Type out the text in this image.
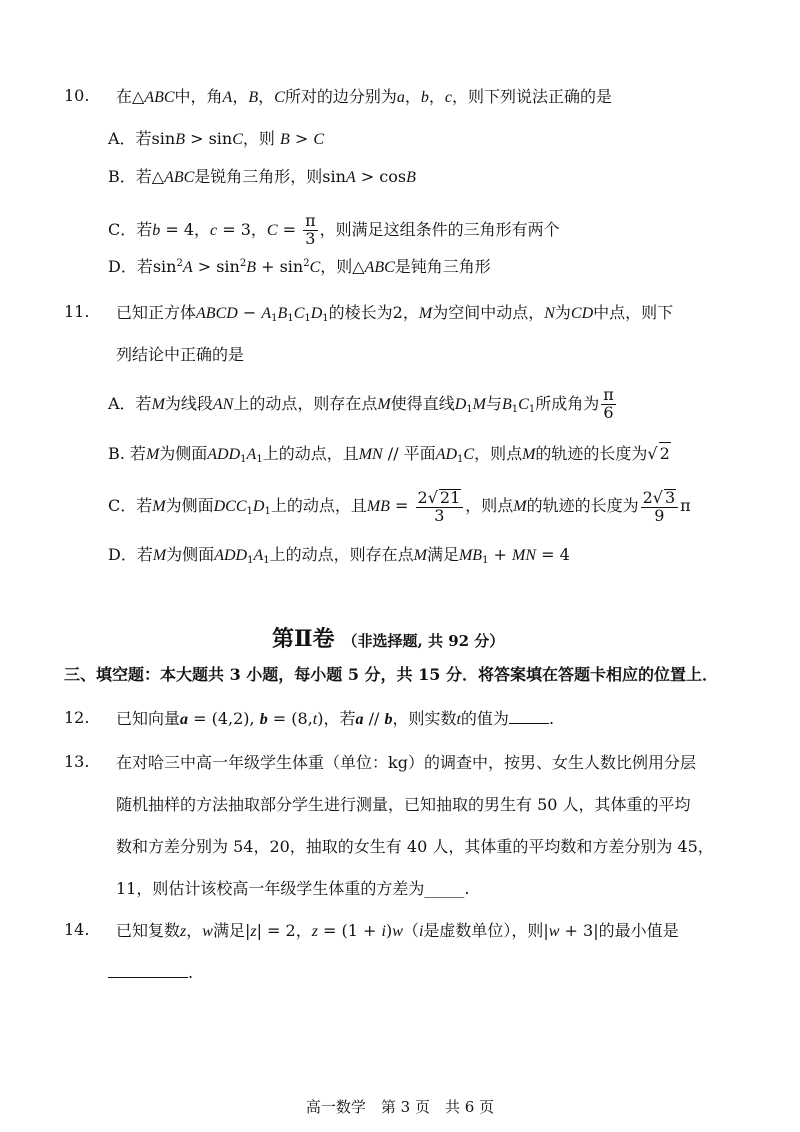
10. 在△ABC中，角A，B，C所对的边分别为a，b，c，则下列说法正确的是
A．若sinB > sinC，则 B > C
B．若△ABC是锐角三角形，则sinA > cosB
C．若b = 4，c = 3，$C = \frac{\pi}{3}$ ，则满足这组条件的三角形有两个
D．若$\sin^2A > \sin^2B + \sin^2C$，则△ABC是钝角三角形
11. 已知正方体ABCD − $A_1B_1C_1D_1$的棱长为2，M为空间中动点，N为CD中点，则下
列结论中正确的是
A．若M为线段AN上的动点，则存在点M使得直线$D_1M$与$B_1C_1$所成角为 $\frac{\pi}{6}$
B. 若M为侧面$ADD_1A_1$上的动点，且MN // 平面$AD_1C$，则点M的轨迹的长度为√ 2
C．若M为侧面$DCC_1D_1$上的动点，且MB = $\frac{2√ 21}{3}$ ，则点M的轨迹的长度为 $\frac{2√ 3}{9}$ π
D．若M为侧面$ADD_1A_1$上的动点，则存在点M满足$MB_1$ + MN = 4
第Ⅱ卷 （非选择题, 共 92 分）
三、填空题：本大题共 3 小题，每小题 5 分，共 15 分．将答案填在答题卡相应的位置上．
12. 已知向量a = (4,2), b = (8,t)，若a // b，则实数t的值为	.
13. 在对哈三中高一年级学生体重（单位：kg）的调查中，按男、女生人数比例用分层
随机抽样的方法抽取部分学生进行测量，已知抽取的男生有 50 人，其体重的平均
数和方差分别为 54，20，抽取的女生有 40 人，其体重的平均数和方差分别为 45，
11，则估计该校高一年级学生体重的方差为_____.
14. 已知复数z，w满足|z| = 2，z = (1 + i)w（i是虚数单位），则|w + 3|的最小值是
.
高一数学　第 3 页　共 6 页
